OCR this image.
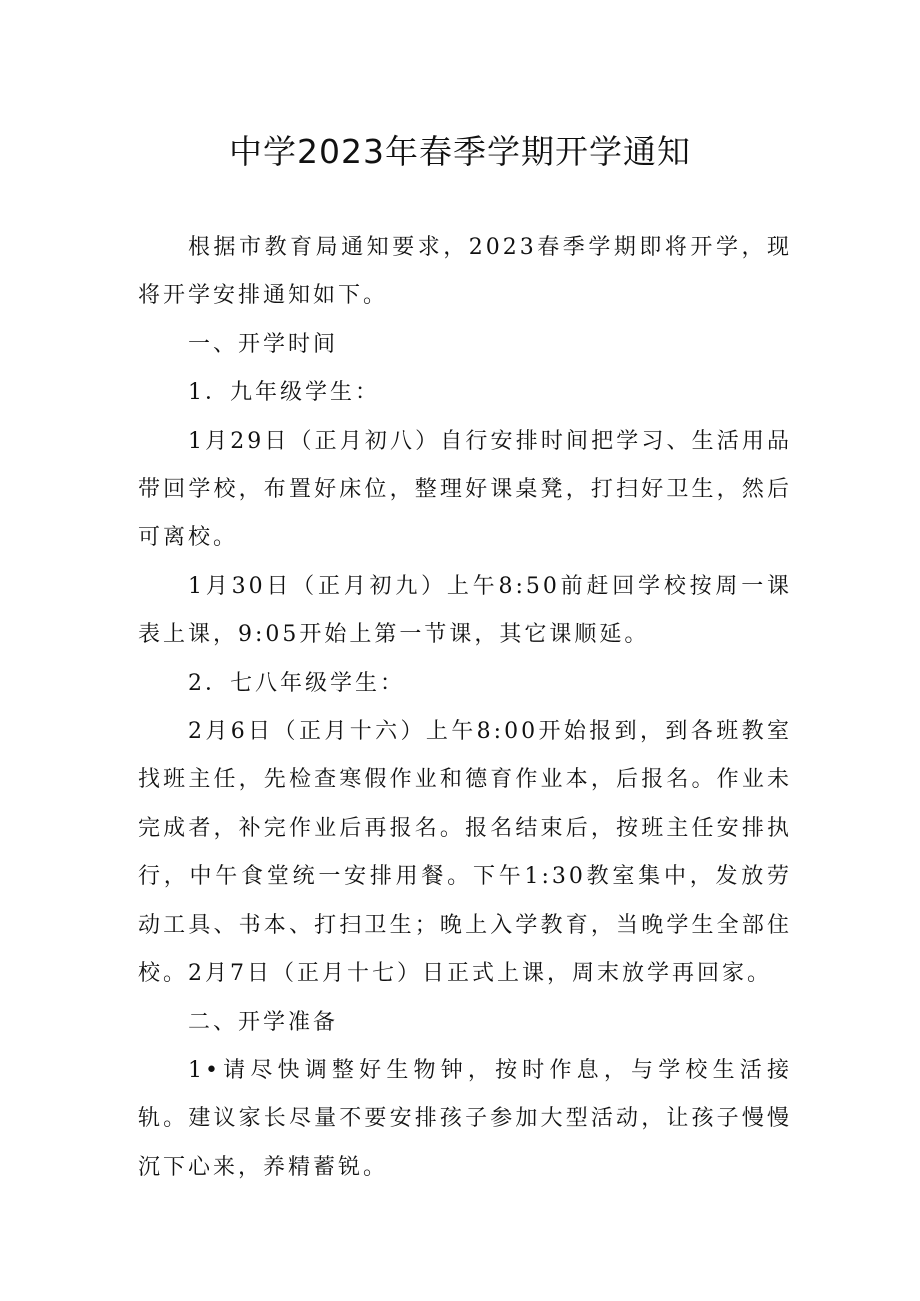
中学2023年春季学期开学通知

根据市教育局通知要求，2023春季学期即将开学，现将开学安排通知如下。

一、开学时间

1．九年级学生：

1月29日（正月初八）自行安排时间把学习、生活用品带回学校，布置好床位，整理好课桌凳，打扫好卫生，然后可离校。

1月30日（正月初九）上午8:50前赶回学校按周一课表上课，9:05开始上第一节课，其它课顺延。

2．七八年级学生：

2月6日（正月十六）上午8:00开始报到，到各班教室找班主任，先检查寒假作业和德育作业本，后报名。作业未完成者，补完作业后再报名。报名结束后，按班主任安排执行，中午食堂统一安排用餐。下午1:30教室集中，发放劳动工具、书本、打扫卫生；晚上入学教育，当晚学生全部住校。2月7日（正月十七）日正式上课，周末放学再回家。

二、开学准备

1•请尽快调整好生物钟，按时作息，与学校生活接轨。建议家长尽量不要安排孩子参加大型活动，让孩子慢慢沉下心来，养精蓄锐。
